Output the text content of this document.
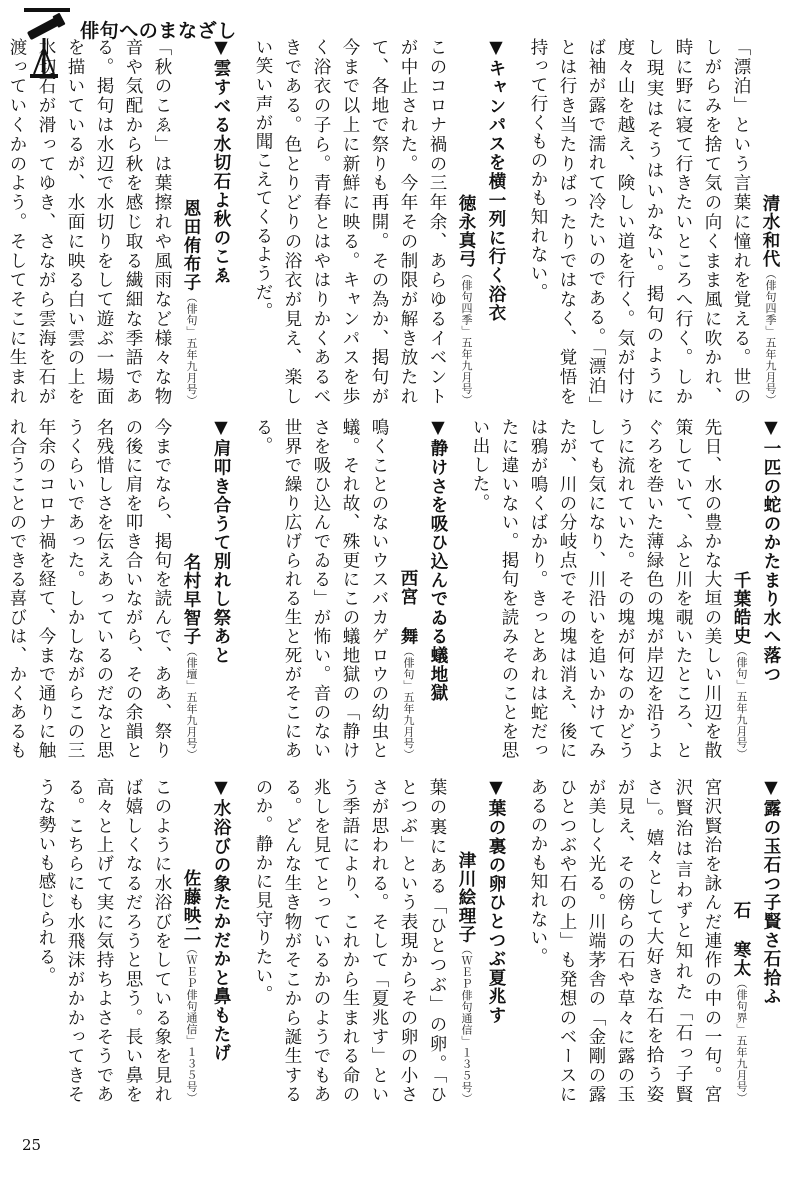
俳句へのまなざし

清水和代（俳句四季」五年九月号）

「漂泊」という言葉に憧れを覚える。世のしがらみを捨て気の向くまま風に吹かれ、時に野に寝て行きたいところへ行く。しかし現実はそうはいかない。掲句のように度々山を越え、険しい道を行く。気が付けば袖が露で濡れて冷たいのである。「漂泊」とは行き当たりばったりではなく、覚悟を持って行くものかも知れない。

▼キャンパスを横一列に行く浴衣

徳永真弓（俳句四季」五年九月号）

このコロナ禍の三年余、あらゆるイベントが中止された。今年その制限が解き放たれて、各地で祭りも再開。その為か、掲句が今まで以上に新鮮に映る。キャンパスを歩く浴衣の子ら。青春とはやはりかくあるべきである。色とりどりの浴衣が見え、楽しい笑い声が聞こえてくるようだ。

▼雲すべる水切石よ秋のこゑ

恩田侑布子（俳句」五年九月号）

「秋のこゑ」は葉擦れや風雨など様々な物音や気配から秋を感じ取る繊細な季語である。掲句は水辺で水切りをして遊ぶ一場面を描いているが、水面に映る白い雲の上を水切石が滑ってゆき、さながら雲海を石が渡っていくかのよう。そしてそこに生まれ

▼一匹の蛇のかたまり水へ落つ

千葉皓史（俳句」五年九月号）

先日、水の豊かな大垣の美しい川辺を散策していて、ふと川を覗いたところ、とぐろを巻いた薄緑色の塊が岸辺を沿うように流れていた。その塊が何なのかどうしても気になり、川沿いを追いかけてみたが、川の分岐点でその塊は消え、後には鴉が鳴くばかり。きっとあれは蛇だったに違いない。掲句を読みそのことを思い出した。

▼静けさを吸ひ込んでゐる蟻地獄

西宮 舞（俳句」五年九月号）

鳴くことのないウスバカゲロウの幼虫と蟻。それ故、殊更にこの蟻地獄の「静けさを吸ひ込んでゐる」が怖い。音のない世界で繰り広げられる生と死がそこにある。

▼肩叩き合うて別れし祭あと

名村早智子（俳壇」五年九月号）

今までなら、掲句を読んで、ああ、祭りの後に肩を叩き合いながら、その余韻と名残惜しさを伝えあっているのだなと思うくらいであった。しかしながらこの三年余のコロナ禍を経て、今まで通りに触れ合うことのできる喜びは、かくあるも

▼露の玉石つ子賢さ石拾ふ

石 寒太（俳句界」五年九月号）

宮沢賢治を詠んだ連作の中の一句。宮沢賢治は言わずと知れた「石っ子賢さ」。嬉々として大好きな石を拾う姿が見え、その傍らの石や草々に露の玉が美しく光る。川端茅舎の「金剛の露ひとつぶや石の上」も発想のベースにあるのかも知れない。

▼葉の裏の卵ひとつぶ夏兆す

津川絵理子（ＷＥＰ俳句通信」１３５号）

葉の裏にある「ひとつぶ」の卵。「ひとつぶ」という表現からその卵の小ささが思われる。そして「夏兆す」という季語により、これから生まれる命の兆しを見てとっているかのようでもある。どんな生き物がそこから誕生するのか。静かに見守りたい。

▼水浴びの象たかだかと鼻もたげ

佐藤映二（ＷＥＰ俳句通信」１３５号）

このように水浴びをしている象を見れば嬉しくなるだろうと思う。長い鼻を高々と上げて実に気持ちよさそうである。こちらにも水飛沫がかかってきそうな勢いも感じられる。

25
